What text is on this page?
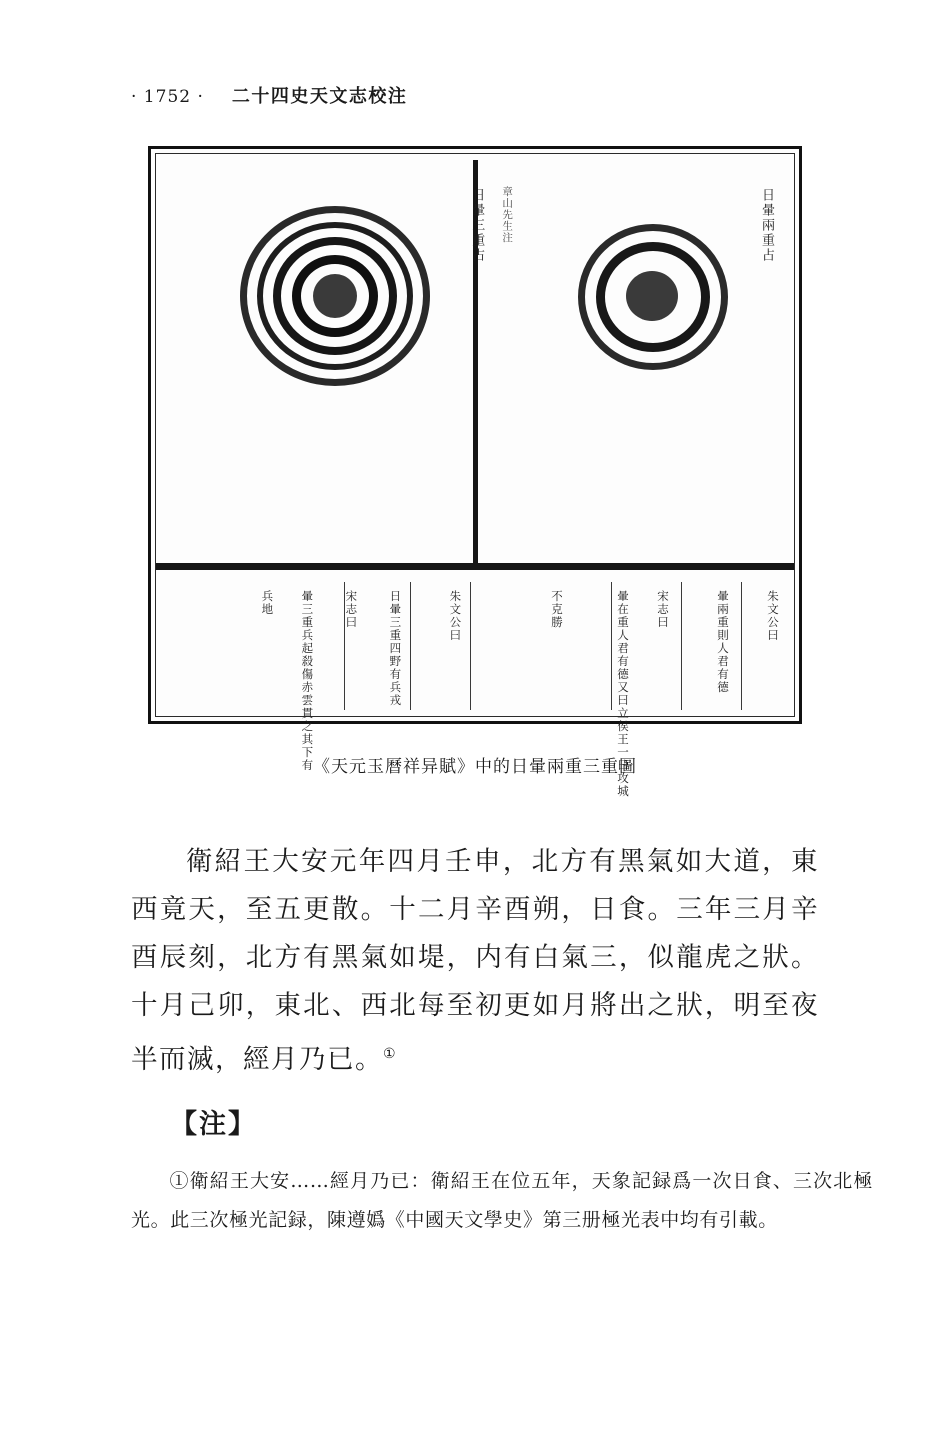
· 1752 · 二十四史天文志校注
日暈兩重占
日暈三重占 章山先生注
朱文公曰
暈兩重則人君有德
宋志曰
暈在重人君有德又曰立侯王一曰攻城
不克勝
朱文公曰
日暈三重四野有兵戎
宋志曰
暈三重兵起殺傷赤雲貫之其下有
兵地
《天元玉曆祥异賦》中的日暈兩重三重圖
衛紹王大安元年四月壬申，北方有黑氣如大道，東西竟天，至五更散。十二月辛酉朔，日食。三年三月辛酉辰刻，北方有黑氣如堤，内有白氣三，似龍虎之狀。十月己卯，東北、西北每至初更如月將出之狀，明至夜半而滅，經月乃已。①
【注】
①衛紹王大安……經月乃已：衛紹王在位五年，天象記録爲一次日食、三次北極光。此三次極光記録，陳遵嬀《中國天文學史》第三册極光表中均有引載。
